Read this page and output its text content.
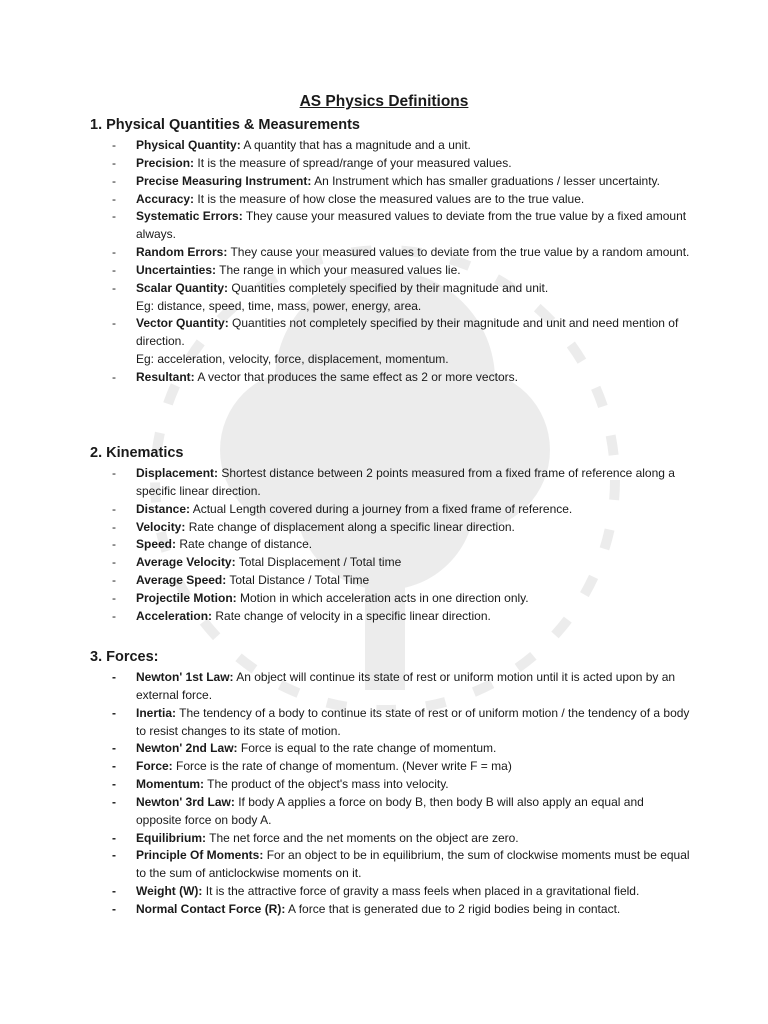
AS Physics Definitions
1. Physical Quantities & Measurements
- Physical Quantity: A quantity that has a magnitude and a unit.
- Precision: It is the measure of spread/range of your measured values.
- Precise Measuring Instrument: An Instrument which has smaller graduations / lesser uncertainty.
- Accuracy: It is the measure of how close the measured values are to the true value.
- Systematic Errors: They cause your measured values to deviate from the true value by a fixed amount always.
- Random Errors: They cause your measured values to deviate from the true value by a random amount.
- Uncertainties: The range in which your measured values lie.
- Scalar Quantity: Quantities completely specified by their magnitude and unit.
Eg: distance, speed, time, mass, power, energy, area.
- Vector Quantity: Quantities not completely specified by their magnitude and unit and need mention of direction.
Eg: acceleration, velocity, force, displacement, momentum.
- Resultant: A vector that produces the same effect as 2 or more vectors.
2. Kinematics
- Displacement: Shortest distance between 2 points measured from a fixed frame of reference along a specific linear direction.
- Distance: Actual Length covered during a journey from a fixed frame of reference.
- Velocity: Rate change of displacement along a specific linear direction.
- Speed: Rate change of distance.
- Average Velocity: Total Displacement / Total time
- Average Speed: Total Distance / Total Time
- Projectile Motion: Motion in which acceleration acts in one direction only.
- Acceleration: Rate change of velocity in a specific linear direction.
3. Forces:
- Newton' 1st Law: An object will continue its state of rest or uniform motion until it is acted upon by an external force.
- Inertia: The tendency of a body to continue its state of rest or of uniform motion / the tendency of a body to resist changes to its state of motion.
- Newton' 2nd Law: Force is equal to the rate change of momentum.
- Force: Force is the rate of change of momentum. (Never write F = ma)
- Momentum: The product of the object's mass into velocity.
- Newton' 3rd Law: If body A applies a force on body B, then body B will also apply an equal and opposite force on body A.
- Equilibrium: The net force and the net moments on the object are zero.
- Principle Of Moments: For an object to be in equilibrium, the sum of clockwise moments must be equal to the sum of anticlockwise moments on it.
- Weight (W): It is the attractive force of gravity a mass feels when placed in a gravitational field.
- Normal Contact Force (R): A force that is generated due to 2 rigid bodies being in contact.
